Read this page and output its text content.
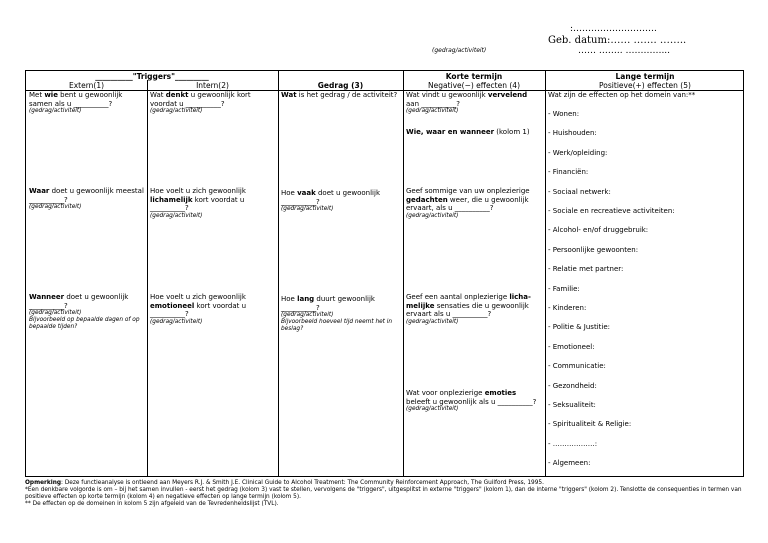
:……………………….
Geb. datum:…… ……. ……..
…… …….. …………...
(gedrag/activiteit)
__________"Triggers"_________
Extern(1)	Intern(2)	Gedrag (3)
Korte termijn
Negative(−) effecten (4)
Lange termijn
Positieve(+) effecten (5)
Met wie bent u gewoonlijk samen als u __________?
(gedrag/activiteit)
Waar doet u gewoonlijk meestal __________?
(gedrag/activiteit)
Wanneer doet u gewoonlijk __________?
(gedrag/activiteit)
Bijvoorbeeld op bepaalde dagen of op bepaalde tijden?
Wat denkt u gewoonlijk kort voordat u __________?
(gedrag/activiteit)
Hoe voelt u zich gewoonlijk lichamelijk kort voordat u __________?
(gedrag/activiteit)
Hoe voelt u zich gewoonlijk emotioneel kort voordat u __________?
(gedrag/activiteit)
Wat is het gedrag / de activiteit?
Hoe vaak doet u gewoonlijk __________?
(gedrag/activiteit)
Hoe lang duurt gewoonlijk __________?
(gedrag/activiteit)
Bijvoorbeeld hoeveel tijd neemt het in beslag?
Wat vindt u gewoonlijk vervelend aan __________?
(gedrag/activiteit)
Wie, waar en wanneer (kolom 1)
Geef sommige van uw onplezierige gedachten weer, die u gewoonlijk ervaart, als u __________?
(gedrag/activiteit)
Geef een aantal onplezierige licha-melijke sensaties die u gewoonlijk ervaart als u __________?
(gedrag/activiteit)
Wat voor onplezierige emoties beleeft u gewoonlijk als u __________?
(gedrag/activiteit)
Wat zijn de effecten op het domein van:**
- Wonen:
- Huishouden:
- Werk/opleiding:
- Financiën:
- Sociaal netwerk:
- Sociale en recreatieve activiteiten:
- Alcohol- en/of druggebruik:
- Persoonlijke gewoonten:
- Relatie met partner:
- Familie:
- Kinderen:
- Politie & Justitie:
- Emotioneel:
- Communicatie:
- Gezondheid:
- Seksualiteit:
- Spiritualiteit & Religie:
- ………………:
- Algemeen:
Opmerking: Deze functieanalyse is ontleend aan Meyers R.J. & Smith J.E. Clinical Guide to Alcohol Treatment: The Community Reinforcement Approach, The Guilford Press, 1995.
*Een denkbare volgorde is om – bij het samen invullen - eerst het gedrag (kolom 3) vast te stellen, vervolgens de "triggers", uitgesplitst in externe "triggers" (kolom 1), dan de interne "triggers" (kolom 2). Tenslotte de consequenties in termen van positieve effecten op korte termijn (kolom 4) en negatieve effecten op lange termijn (kolom 5).
** De effecten op de domeinen in kolom 5 zijn afgeleid van de Tevredenheidslijst (TVL).
